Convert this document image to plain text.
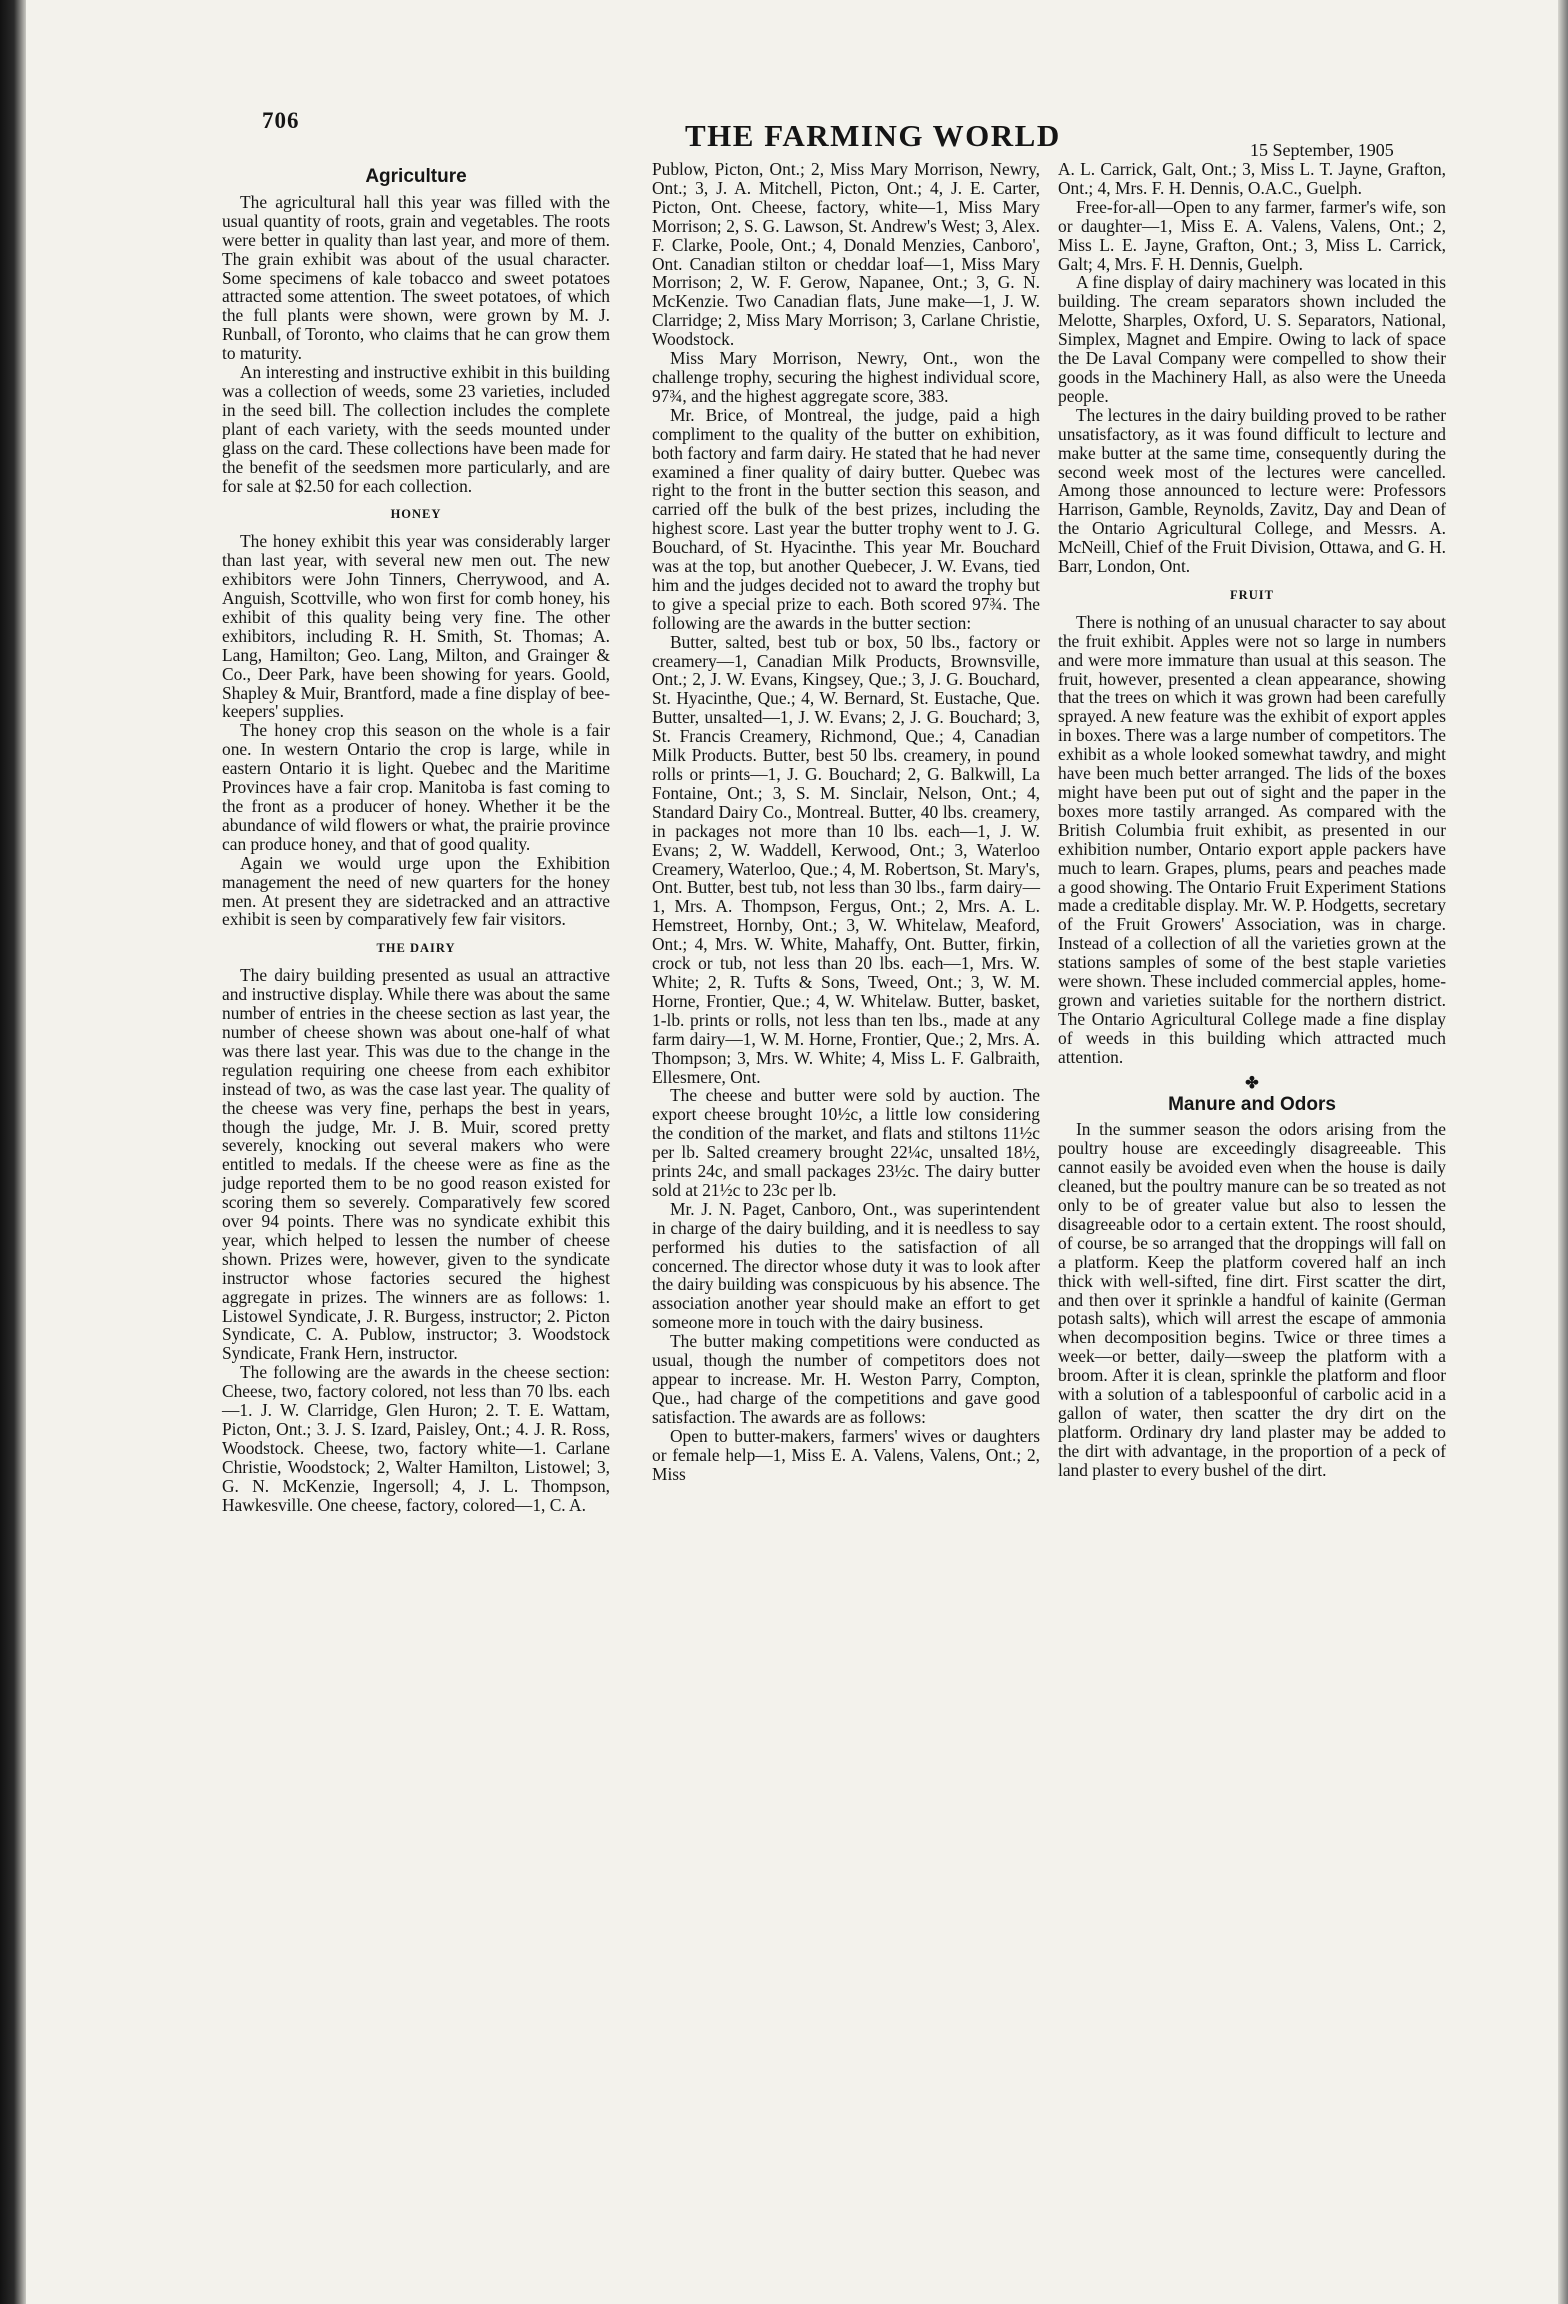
706	THE FARMING WORLD	15 September, 1905
Agriculture

The agricultural hall this year was filled with the usual quantity of roots, grain and vegetables. The roots were better in quality than last year, and more of them. The grain exhibit was about of the usual character. Some specimens of kale tobacco and sweet potatoes attracted some attention. The sweet potatoes, of which the full plants were shown, were grown by M. J. Runball, of Toronto, who claims that he can grow them to maturity.

An interesting and instructive exhibit in this building was a collection of weeds, some 23 varieties, included in the seed bill. The collection includes the complete plant of each variety, with the seeds mounted under glass on the card. These collections have been made for the benefit of the seedsmen more particularly, and are for sale at $2.50 for each collection.

HONEY

The honey exhibit this year was considerably larger than last year, with several new men out. The new exhibitors were John Tinners, Cherrywood, and A. Anguish, Scottville, who won first for comb honey, his exhibit of this quality being very fine. The other exhibitors, including R. H. Smith, St. Thomas; A. Lang, Hamilton; Geo. Lang, Milton, and Grainger & Co., Deer Park, have been showing for years. Goold, Shapley & Muir, Brantford, made a fine display of bee-keepers' supplies.

The honey crop this season on the whole is a fair one. In western Ontario the crop is large, while in eastern Ontario it is light. Quebec and the Maritime Provinces have a fair crop. Manitoba is fast coming to the front as a producer of honey. Whether it be the abundance of wild flowers or what, the prairie province can produce honey, and that of good quality.

Again we would urge upon the Exhibition management the need of new quarters for the honey men. At present they are sidetracked and an attractive exhibit is seen by comparatively few fair visitors.

THE DAIRY

The dairy building presented as usual an attractive and instructive display. While there was about the same number of entries in the cheese section as last year, the number of cheese shown was about one-half of what was there last year. This was due to the change in the regulation requiring one cheese from each exhibitor instead of two, as was the case last year. The quality of the cheese was very fine, perhaps the best in years, though the judge, Mr. J. B. Muir, scored pretty severely, knocking out several makers who were entitled to medals. If the cheese were as fine as the judge reported them to be no good reason existed for scoring them so severely. Comparatively few scored over 94 points. There was no syndicate exhibit this year, which helped to lessen the number of cheese shown. Prizes were, however, given to the syndicate instructor whose factories secured the highest aggregate in prizes. The winners are as follows: 1. Listowel Syndicate, J. R. Burgess, instructor; 2. Picton Syndicate, C. A. Publow, instructor; 3. Woodstock Syndicate, Frank Hern, instructor.

The following are the awards in the cheese section: Cheese, two, factory colored, not less than 70 lbs. each—1. J. W. Clarridge, Glen Huron; 2. T. E. Wattam, Picton, Ont.; 3. J. S. Izard, Paisley, Ont.; 4. J. R. Ross, Woodstock. Cheese, two, factory white—1. Carlane Christie, Woodstock; 2, Walter Hamilton, Listowel; 3, G. N. McKenzie, Ingersoll; 4, J. L. Thompson, Hawkesville. One cheese, factory, colored—1, C. A.

Publow, Picton, Ont.; 2, Miss Mary Morrison, Newry, Ont.; 3, J. A. Mitchell, Picton, Ont.; 4, J. E. Carter, Picton, Ont. Cheese, factory, white—1, Miss Mary Morrison; 2, S. G. Lawson, St. Andrew's West; 3, Alex. F. Clarke, Poole, Ont.; 4, Donald Menzies, Canboro', Ont. Canadian stilton or cheddar loaf—1, Miss Mary Morrison; 2, W. F. Gerow, Napanee, Ont.; 3, G. N. McKenzie. Two Canadian flats, June make—1, J. W. Clarridge; 2, Miss Mary Morrison; 3, Carlane Christie, Woodstock.

Miss Mary Morrison, Newry, Ont., won the challenge trophy, securing the highest individual score, 97¾, and the highest aggregate score, 383.

Mr. Brice, of Montreal, the judge, paid a high compliment to the quality of the butter on exhibition, both factory and farm dairy. He stated that he had never examined a finer quality of dairy butter. Quebec was right to the front in the butter section this season, and carried off the bulk of the best prizes, including the highest score. Last year the butter trophy went to J. G. Bouchard, of St. Hyacinthe. This year Mr. Bouchard was at the top, but another Quebecer, J. W. Evans, tied him and the judges decided not to award the trophy but to give a special prize to each. Both scored 97¾. The following are the awards in the butter section:

Butter, salted, best tub or box, 50 lbs., factory or creamery—1, Canadian Milk Products, Brownsville, Ont.; 2, J. W. Evans, Kingsey, Que.; 3, J. G. Bouchard, St. Hyacinthe, Que.; 4, W. Bernard, St. Eustache, Que. Butter, unsalted—1, J. W. Evans; 2, J. G. Bouchard; 3, St. Francis Creamery, Richmond, Que.; 4, Canadian Milk Products. Butter, best 50 lbs. creamery, in pound rolls or prints—1, J. G. Bouchard; 2, G. Balkwill, La Fontaine, Ont.; 3, S. M. Sinclair, Nelson, Ont.; 4, Standard Dairy Co., Montreal. Butter, 40 lbs. creamery, in packages not more than 10 lbs. each—1, J. W. Evans; 2, W. Waddell, Kerwood, Ont.; 3, Waterloo Creamery, Waterloo, Que.; 4, M. Robertson, St. Mary's, Ont. Butter, best tub, not less than 30 lbs., farm dairy—1, Mrs. A. Thompson, Fergus, Ont.; 2, Mrs. A. L. Hemstreet, Hornby, Ont.; 3, W. Whitelaw, Meaford, Ont.; 4, Mrs. W. White, Mahaffy, Ont. Butter, firkin, crock or tub, not less than 20 lbs. each—1, Mrs. W. White; 2, R. Tufts & Sons, Tweed, Ont.; 3, W. M. Horne, Frontier, Que.; 4, W. Whitelaw. Butter, basket, 1-lb. prints or rolls, not less than ten lbs., made at any farm dairy—1, W. M. Horne, Frontier, Que.; 2, Mrs. A. Thompson; 3, Mrs. W. White; 4, Miss L. F. Galbraith, Ellesmere, Ont.

The cheese and butter were sold by auction. The export cheese brought 10½c, a little low considering the condition of the market, and flats and stiltons 11½c per lb. Salted creamery brought 22¼c, unsalted 18½, prints 24c, and small packages 23½c. The dairy butter sold at 21½c to 23c per lb.

Mr. J. N. Paget, Canboro, Ont., was superintendent in charge of the dairy building, and it is needless to say performed his duties to the satisfaction of all concerned. The director whose duty it was to look after the dairy building was conspicuous by his absence. The association another year should make an effort to get someone more in touch with the dairy business.

The butter making competitions were conducted as usual, though the number of competitors does not appear to increase. Mr. H. Weston Parry, Compton, Que., had charge of the competitions and gave good satisfaction. The awards are as follows:

Open to butter-makers, farmers' wives or daughters or female help—1, Miss E. A. Valens, Valens, Ont.; 2, Miss

A. L. Carrick, Galt, Ont.; 3, Miss L. T. Jayne, Grafton, Ont.; 4, Mrs. F. H. Dennis, O.A.C., Guelph.

Free-for-all—Open to any farmer, farmer's wife, son or daughter—1, Miss E. A. Valens, Valens, Ont.; 2, Miss L. E. Jayne, Grafton, Ont.; 3, Miss L. Carrick, Galt; 4, Mrs. F. H. Dennis, Guelph.

A fine display of dairy machinery was located in this building. The cream separators shown included the Melotte, Sharples, Oxford, U. S. Separators, National, Simplex, Magnet and Empire. Owing to lack of space the De Laval Company were compelled to show their goods in the Machinery Hall, as also were the Uneeda people.

The lectures in the dairy building proved to be rather unsatisfactory, as it was found difficult to lecture and make butter at the same time, consequently during the second week most of the lectures were cancelled. Among those announced to lecture were: Professors Harrison, Gamble, Reynolds, Zavitz, Day and Dean of the Ontario Agricultural College, and Messrs. A. McNeill, Chief of the Fruit Division, Ottawa, and G. H. Barr, London, Ont.

FRUIT

There is nothing of an unusual character to say about the fruit exhibit. Apples were not so large in numbers and were more immature than usual at this season. The fruit, however, presented a clean appearance, showing that the trees on which it was grown had been carefully sprayed. A new feature was the exhibit of export apples in boxes. There was a large number of competitors. The exhibit as a whole looked somewhat tawdry, and might have been much better arranged. The lids of the boxes might have been put out of sight and the paper in the boxes more tastily arranged. As compared with the British Columbia fruit exhibit, as presented in our exhibition number, Ontario export apple packers have much to learn. Grapes, plums, pears and peaches made a good showing. The Ontario Fruit Experiment Stations made a creditable display. Mr. W. P. Hodgetts, secretary of the Fruit Growers' Association, was in charge. Instead of a collection of all the varieties grown at the stations samples of some of the best staple varieties were shown. These included commercial apples, home-grown and varieties suitable for the northern district. The Ontario Agricultural College made a fine display of weeds in this building which attracted much attention.

✤
Manure and Odors

In the summer season the odors arising from the poultry house are exceedingly disagreeable. This cannot easily be avoided even when the house is daily cleaned, but the poultry manure can be so treated as not only to be of greater value but also to lessen the disagreeable odor to a certain extent. The roost should, of course, be so arranged that the droppings will fall on a platform. Keep the platform covered half an inch thick with well-sifted, fine dirt. First scatter the dirt, and then over it sprinkle a handful of kainite (German potash salts), which will arrest the escape of ammonia when decomposition begins. Twice or three times a week—or better, daily—sweep the platform with a broom. After it is clean, sprinkle the platform and floor with a solution of a tablespoonful of carbolic acid in a gallon of water, then scatter the dry dirt on the platform. Ordinary dry land plaster may be added to the dirt with advantage, in the proportion of a peck of land plaster to every bushel of the dirt.
